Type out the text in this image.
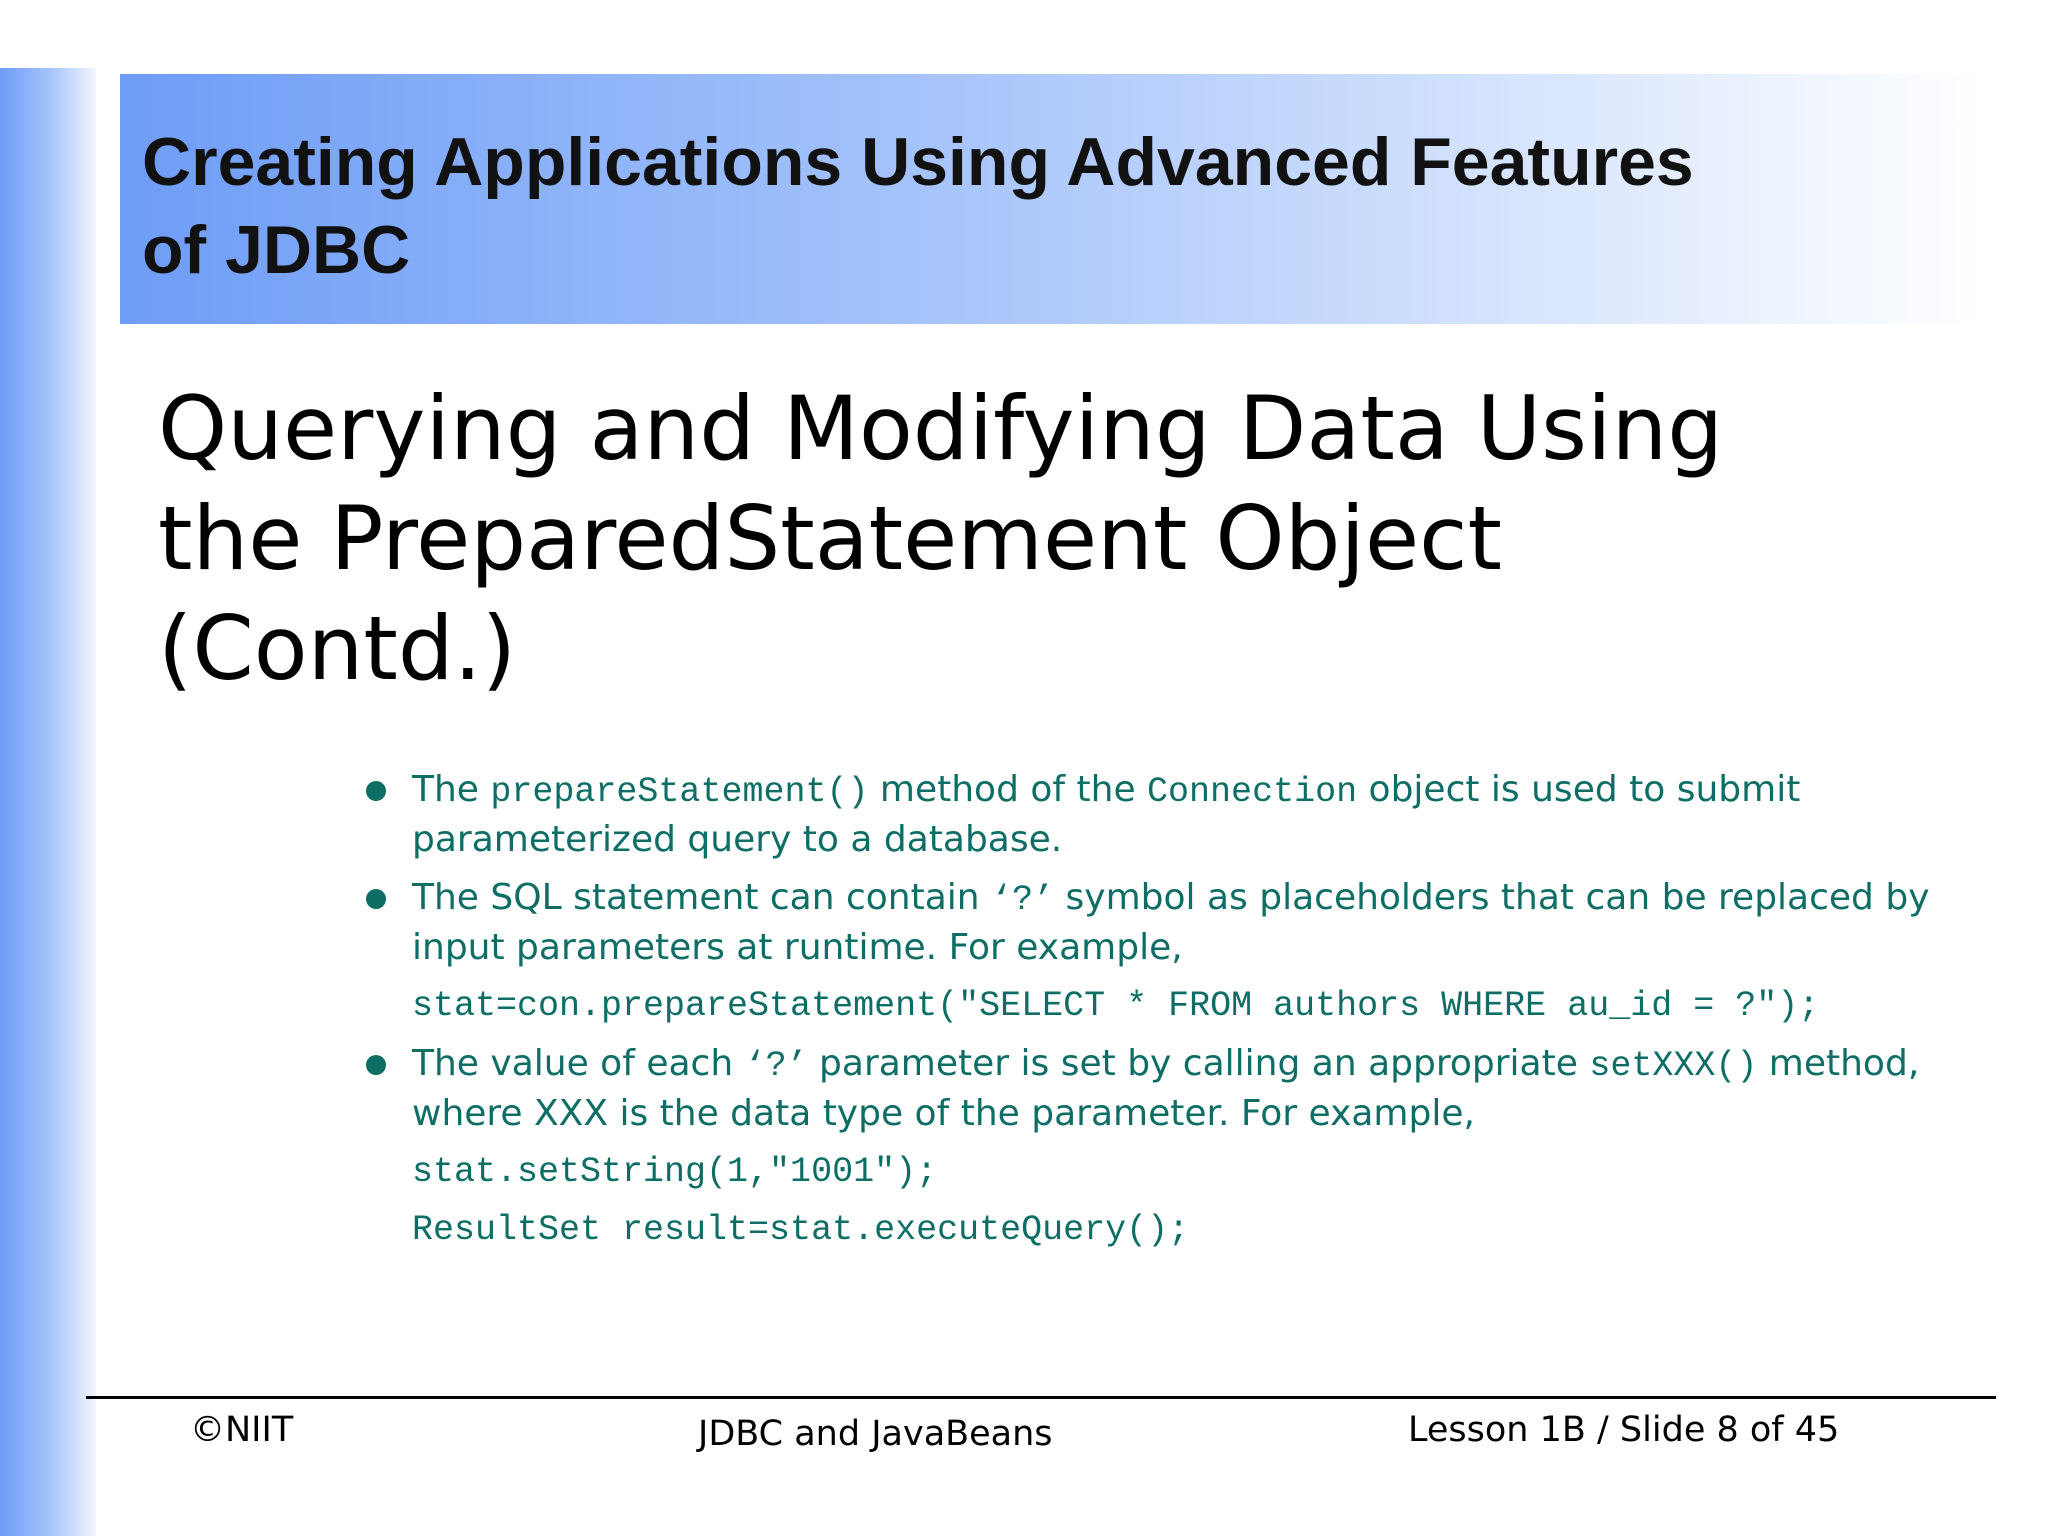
Creating Applications Using Advanced Features
of JDBC
Querying and Modifying Data Using
the PreparedStatement Object
(Contd.)
The prepareStatement() method of the Connection object is used to submit parameterized query to a database.
The SQL statement can contain ‘?’ symbol as placeholders that can be replaced by input parameters at runtime. For example,
stat=con.prepareStatement("SELECT * FROM authors WHERE au_id = ?");
The value of each ‘?’ parameter is set by calling an appropriate setXXX() method, where XXX is the data type of the parameter. For example,
stat.setString(1,"1001");
ResultSet result=stat.executeQuery();
©NIIT	JDBC and JavaBeans	Lesson 1B / Slide 8 of 45
